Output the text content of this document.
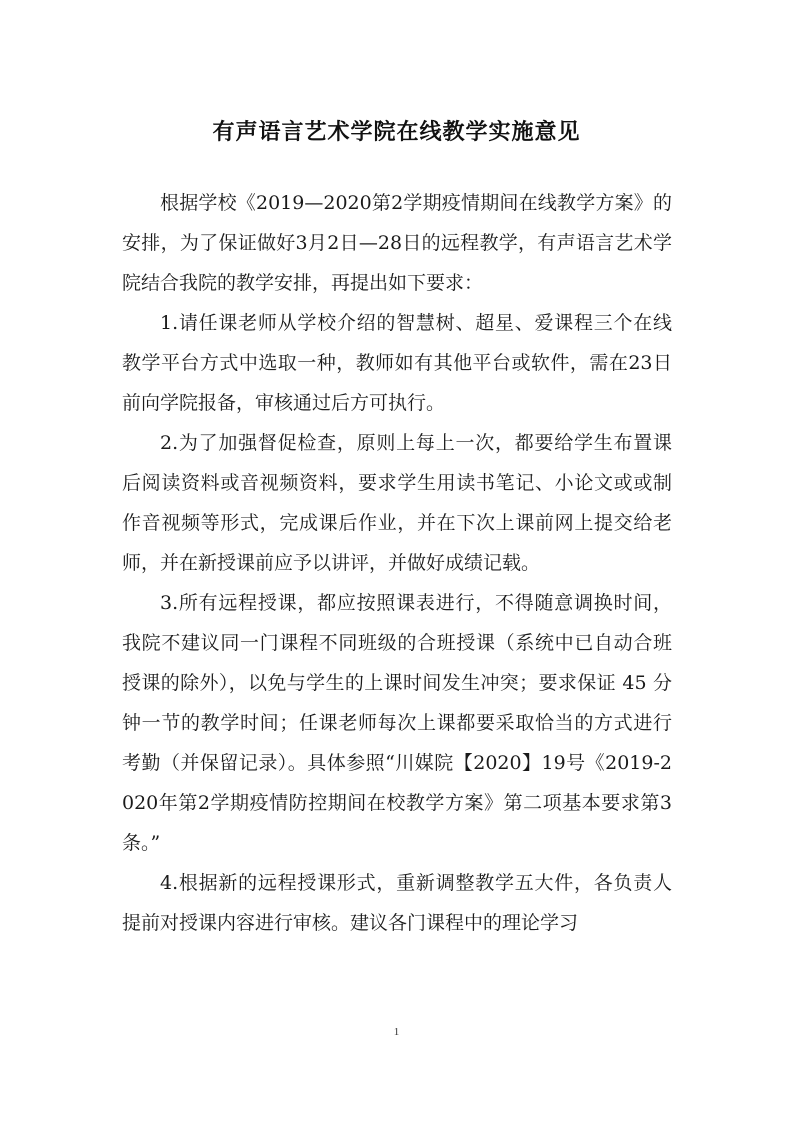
有声语言艺术学院在线教学实施意见

根据学校《2019—2020第2学期疫情期间在线教学方案》的安排，为了保证做好3月2日—28日的远程教学，有声语言艺术学院结合我院的教学安排，再提出如下要求：

1.请任课老师从学校介绍的智慧树、超星、爱课程三个在线教学平台方式中选取一种，教师如有其他平台或软件，需在23日前向学院报备，审核通过后方可执行。

2.为了加强督促检查，原则上每上一次，都要给学生布置课后阅读资料或音视频资料，要求学生用读书笔记、小论文或或制作音视频等形式，完成课后作业，并在下次上课前网上提交给老师，并在新授课前应予以讲评，并做好成绩记载。

3.所有远程授课，都应按照课表进行，不得随意调换时间，我院不建议同一门课程不同班级的合班授课（系统中已自动合班授课的除外），以免与学生的上课时间发生冲突；要求保证 45 分钟一节的教学时间；任课老师每次上课都要采取恰当的方式进行考勤（并保留记录）。具体参照“川媒院【2020】19号《2019-2020年第2学期疫情防控期间在校教学方案》第二项基本要求第3条。”

4.根据新的远程授课形式，重新调整教学五大件，各负责人提前对授课内容进行审核。建议各门课程中的理论学习

1
